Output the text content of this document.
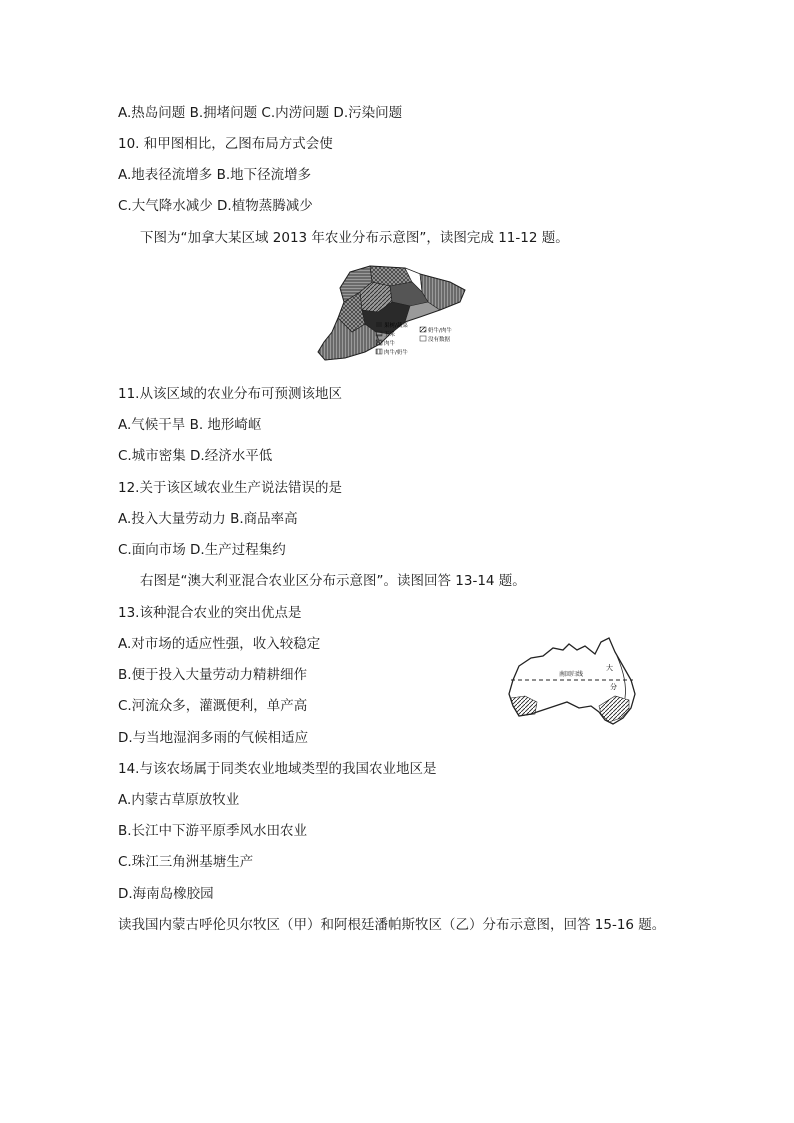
A.热岛问题 B.拥堵问题 C.内涝问题 D.污染问题
10. 和甲图相比，乙图布局方式会使
A.地表径流增多 B.地下径流增多
C.大气降水减少 D.植物蒸腾减少
下图为“加拿大某区域 2013 年农业分布示意图”，读图完成 11-12 题。
果树/蔬菜
玉米
肉牛
肉牛/奶牛
奶牛/肉牛
没有数据
11.从该区域的农业分布可预测该地区
A.气候干旱 B. 地形崎岖
C.城市密集 D.经济水平低
12.关于该区域农业生产说法错误的是
A.投入大量劳动力 B.商品率高
C.面向市场 D.生产过程集约
右图是“澳大利亚混合农业区分布示意图”。读图回答 13-14 题。
13.该种混合农业的突出优点是
A.对市场的适应性强，收入较稳定
B.便于投入大量劳动力精耕细作
C.河流众多，灌溉便利，单产高
D.与当地湿润多雨的气候相适应
南回归线
大
分
14.与该农场属于同类农业地域类型的我国农业地区是
A.内蒙古草原放牧业
B.长江中下游平原季风水田农业
C.珠江三角洲基塘生产
D.海南岛橡胶园
读我国内蒙古呼伦贝尔牧区（甲）和阿根廷潘帕斯牧区（乙）分布示意图，回答 15-16 题。
